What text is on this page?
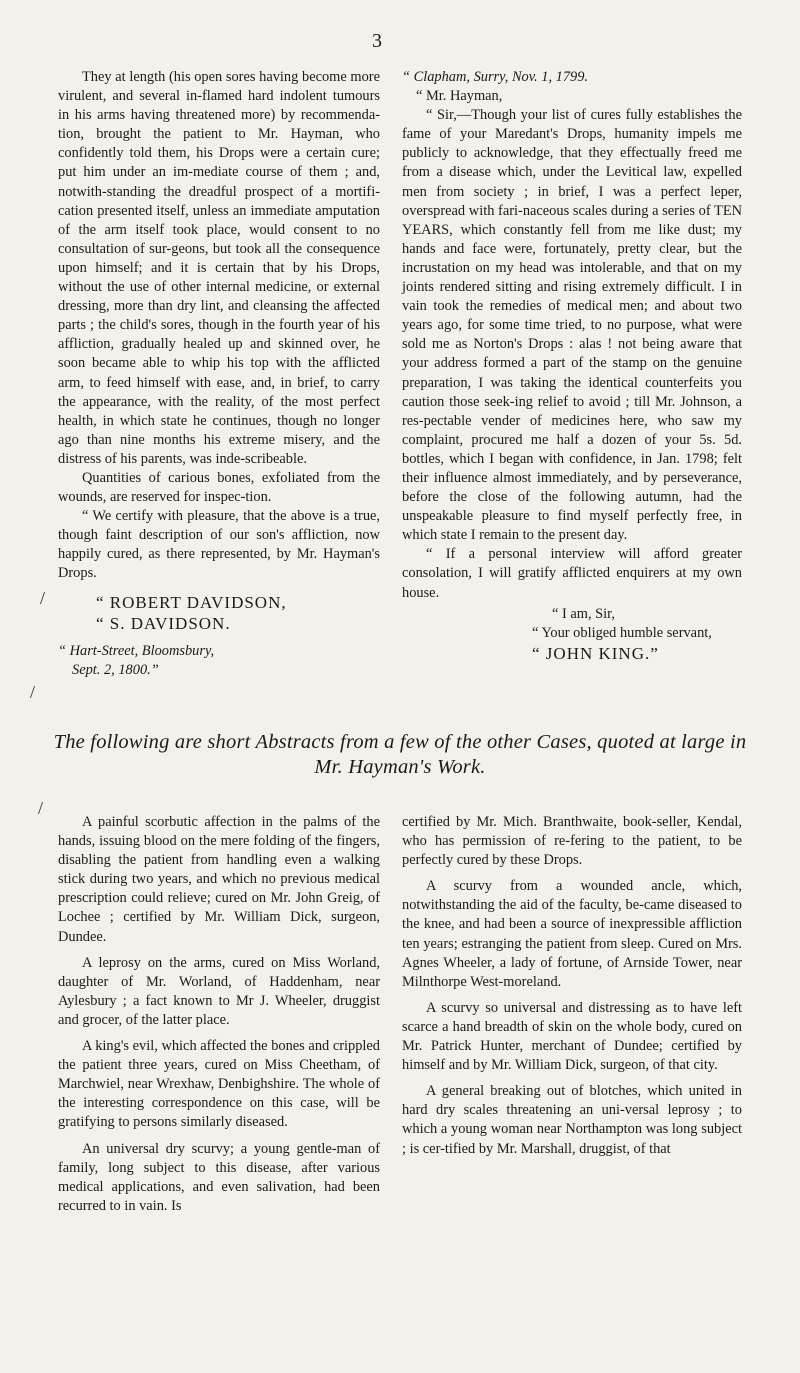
3

They at length (his open sores having become more virulent, and several in-flamed hard indolent tumours in his arms having threatened more) by recommenda-tion, brought the patient to Mr. Hayman, who confidently told them, his Drops were a certain cure; put him under an im-mediate course of them ; and, notwith-standing the dreadful prospect of a mortifi-cation presented itself, unless an immediate amputation of the arm itself took place, would consent to no consultation of sur-geons, but took all the consequence upon himself; and it is certain that by his Drops, without the use of other internal medicine, or external dressing, more than dry lint, and cleansing the affected parts ; the child's sores, though in the fourth year of his affliction, gradually healed up and skinned over, he soon became able to whip his top with the afflicted arm, to feed himself with ease, and, in brief, to carry the appearance, with the reality, of the most perfect health, in which state he continues, though no longer ago than nine months his extreme misery, and the distress of his parents, was inde-scribeable.

Quantities of carious bones, exfoliated from the wounds, are reserved for inspec-tion.

“ We certify with pleasure, that the above is a true, though faint description of our son's affliction, now happily cured, as there represented, by Mr. Hayman's Drops.

“ ROBERT DAVIDSON,

“ S. DAVIDSON.

“ Hart-Street, Bloomsbury,

Sept. 2, 1800.”

“ Clapham, Surry, Nov. 1, 1799.

“ Mr. Hayman,

“ Sir,—Though your list of cures fully establishes the fame of your Maredant's Drops, humanity impels me publicly to acknowledge, that they effectually freed me from a disease which, under the Levitical law, expelled men from society ; in brief, I was a perfect leper, overspread with fari-naceous scales during a series of TEN YEARS, which constantly fell from me like dust; my hands and face were, fortunately, pretty clear, but the incrustation on my head was intolerable, and that on my joints rendered sitting and rising extremely difficult. I in vain took the remedies of medical men; and about two years ago, for some time tried, to no purpose, what were sold me as Norton's Drops : alas ! not being aware that your address formed a part of the stamp on the genuine preparation, I was taking the identical counterfeits you caution those seek-ing relief to avoid ; till Mr. Johnson, a res-pectable vender of medicines here, who saw my complaint, procured me half a dozen of your 5s. 5d. bottles, which I began with confidence, in Jan. 1798; felt their influence almost immediately, and by perseverance, before the close of the following autumn, had the unspeakable pleasure to find myself perfectly free, in which state I remain to the present day.

“ If a personal interview will afford greater consolation, I will gratify afflicted enquirers at my own house.

“ I am, Sir,

“ Your obliged humble servant,

“ JOHN KING.”

The following are short Abstracts from a few of the other Cases, quoted at large in Mr. Hayman's Work.

A painful scorbutic affection in the palms of the hands, issuing blood on the mere folding of the fingers, disabling the patient from handling even a walking stick during two years, and which no previous medical prescription could relieve; cured on Mr. John Greig, of Lochee ; certified by Mr. William Dick, surgeon, Dundee.

A leprosy on the arms, cured on Miss Worland, daughter of Mr. Worland, of Haddenham, near Aylesbury ; a fact known to Mr J. Wheeler, druggist and grocer, of the latter place.

A king's evil, which affected the bones and crippled the patient three years, cured on Miss Cheetham, of Marchwiel, near Wrexhaw, Denbighshire. The whole of the interesting correspondence on this case, will be gratifying to persons similarly diseased.

An universal dry scurvy; a young gentle-man of family, long subject to this disease, after various medical applications, and even salivation, had been recurred to in vain. Is

certified by Mr. Mich. Branthwaite, book-seller, Kendal, who has permission of re-fering to the patient, to be perfectly cured by these Drops.

A scurvy from a wounded ancle, which, notwithstanding the aid of the faculty, be-came diseased to the knee, and had been a source of inexpressible affliction ten years; estranging the patient from sleep. Cured on Mrs. Agnes Wheeler, a lady of fortune, of Arnside Tower, near Milnthorpe West-moreland.

A scurvy so universal and distressing as to have left scarce a hand breadth of skin on the whole body, cured on Mr. Patrick Hunter, merchant of Dundee; certified by himself and by Mr. William Dick, surgeon, of that city.

A general breaking out of blotches, which united in hard dry scales threatening an uni-versal leprosy ; to which a young woman near Northampton was long subject ; is cer-tified by Mr. Marshall, druggist, of that

/
/
/
